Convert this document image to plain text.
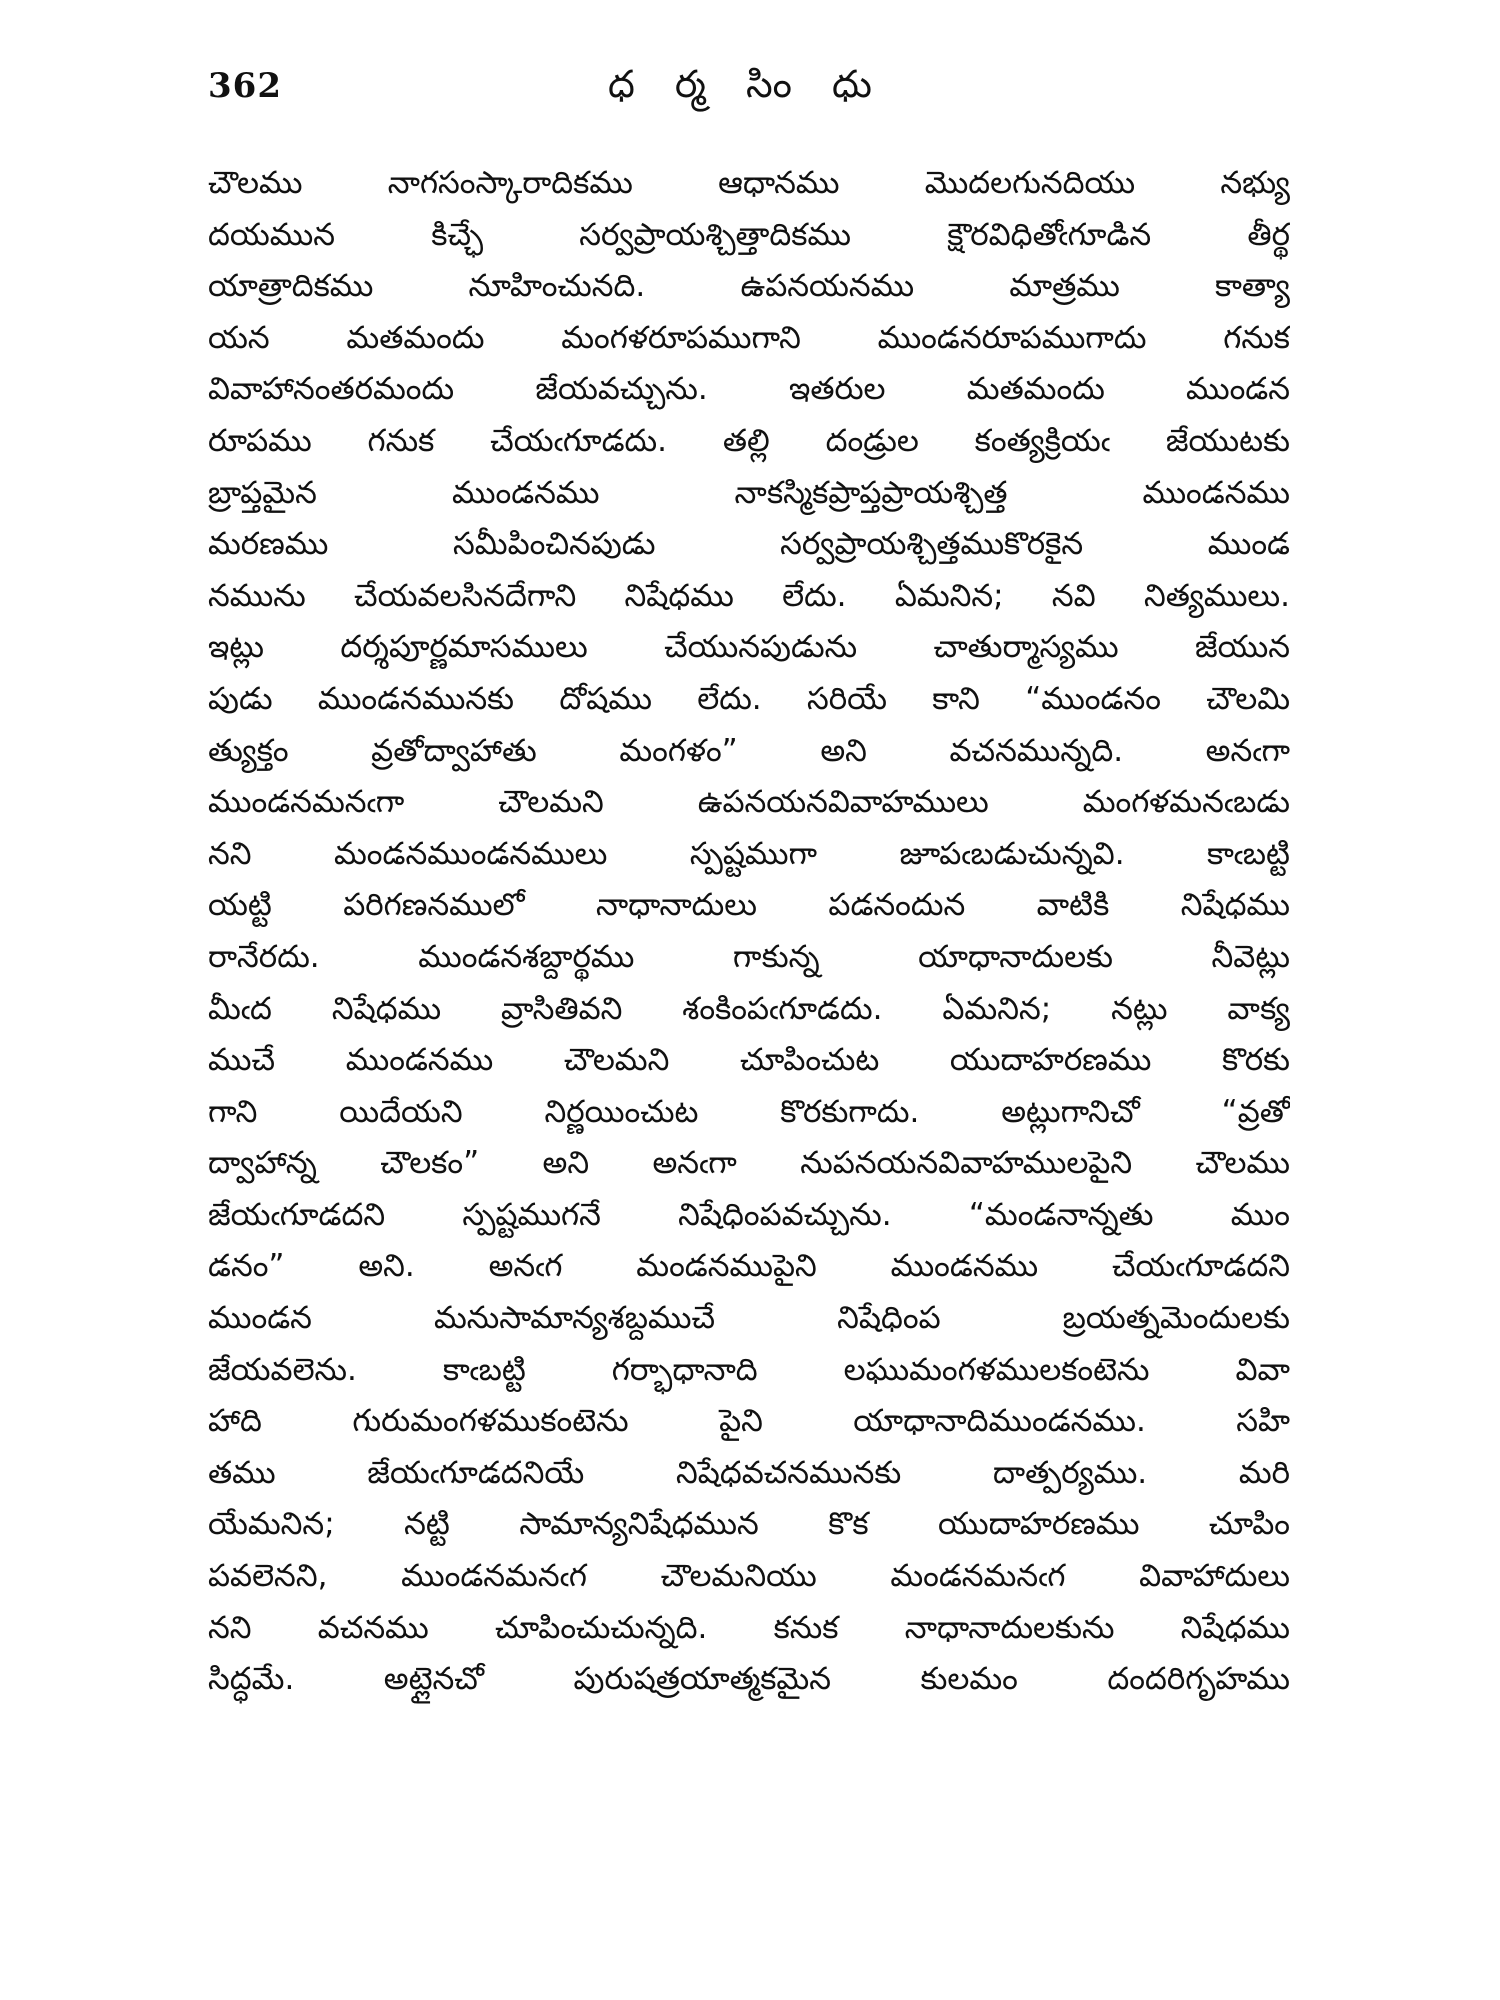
362	ధ ర్మ సిం ధు
చౌలము నాగసంస్కారాదికము ఆధానము మొదలగునదియు నభ్యు
దయమున కిచ్ఛే సర్వప్రాయశ్చిత్తాదికము క్షౌరవిధితోఁగూడిన తీర్థ
యాత్రాదికము నూహించునది. ఉపనయనము మాత్రము కాత్యా
యన మతమందు మంగళరూపముగాని ముండనరూపముగాదు గనుక
వివాహానంతరమందు జేయవచ్చును. ఇతరుల మతమందు ముండన
రూపము గనుక చేయఁగూడదు. తల్లి దండ్రుల కంత్యక్రియఁ జేయుటకు
బ్రాప్తమైన ముండనము నాకస్మికప్రాప్తప్రాయశ్చిత్త ముండనము
మరణము సమీపించినపుడు సర్వప్రాయశ్చిత్తముకొరకైన ముండ
నమును చేయవలసినదేగాని నిషేధము లేదు. ఏమనిన; నవి నిత్యములు.
ఇట్లు దర్శపూర్ణమాసములు చేయునపుడును చాతుర్మాస్యము జేయున
పుడు ముండనమునకు దోషము లేదు. సరియే కాని “ముండనం చౌలమి
త్యుక్తం వ్రతోద్వాహాతు మంగళం” అని వచనమున్నది. అనఁగా
ముండనమనఁగా చౌలమని ఉపనయనవివాహములు మంగళమనఁబడు
నని మండనముండనములు స్పష్టముగా జూపఁబడుచున్నవి. కాఁబట్టి
యట్టి పరిగణనములో నాధానాదులు పడనందున వాటికి నిషేధము
రానేరదు. ముండనశబ్దార్థము గాకున్న యాధానాదులకు నీవెట్లు
మీఁద నిషేధము వ్రాసితివని శంకింపఁగూడదు. ఏమనిన; నట్లు వాక్య
ముచే ముండనము చౌలమని చూపించుట యుదాహరణము కొరకు
గాని యిదేయని నిర్ణయించుట కొరకుగాదు. అట్లుగానిచో “వ్రతో
ద్వాహాన్న చౌలకం” అని అనఁగా నుపనయనవివాహములపైని చౌలము
జేయఁగూడదని స్పష్టముగనే నిషేధింపవచ్చును. “మండనాన్నతు ముం
డనం” అని. అనఁగ మండనముపైని ముండనము చేయఁగూడదని
ముండన మనుసామాన్యశబ్దముచే నిషేధింప బ్రయత్నమెందులకు
జేయవలెను. కాఁబట్టి గర్భాధానాది లఘుమంగళములకంటెను వివా
హాది గురుమంగళముకంటెను పైని యాధానాదిముండనము. సహి
తము జేయఁగూడదనియే నిషేధవచనమునకు దాత్పర్యము. మరి
యేమనిన; నట్టి సామాన్యనిషేధమున కొక యుదాహరణము చూపిం
పవలెనని, ముండనమనఁగ చౌలమనియు మండనమనఁగ వివాహాదులు
నని వచనము చూపించుచున్నది. కనుక నాధానాదులకును నిషేధము
సిద్ధమే. అట్లైనచో పురుషత్రయాత్మకమైన కులమం దందరిగృహము
